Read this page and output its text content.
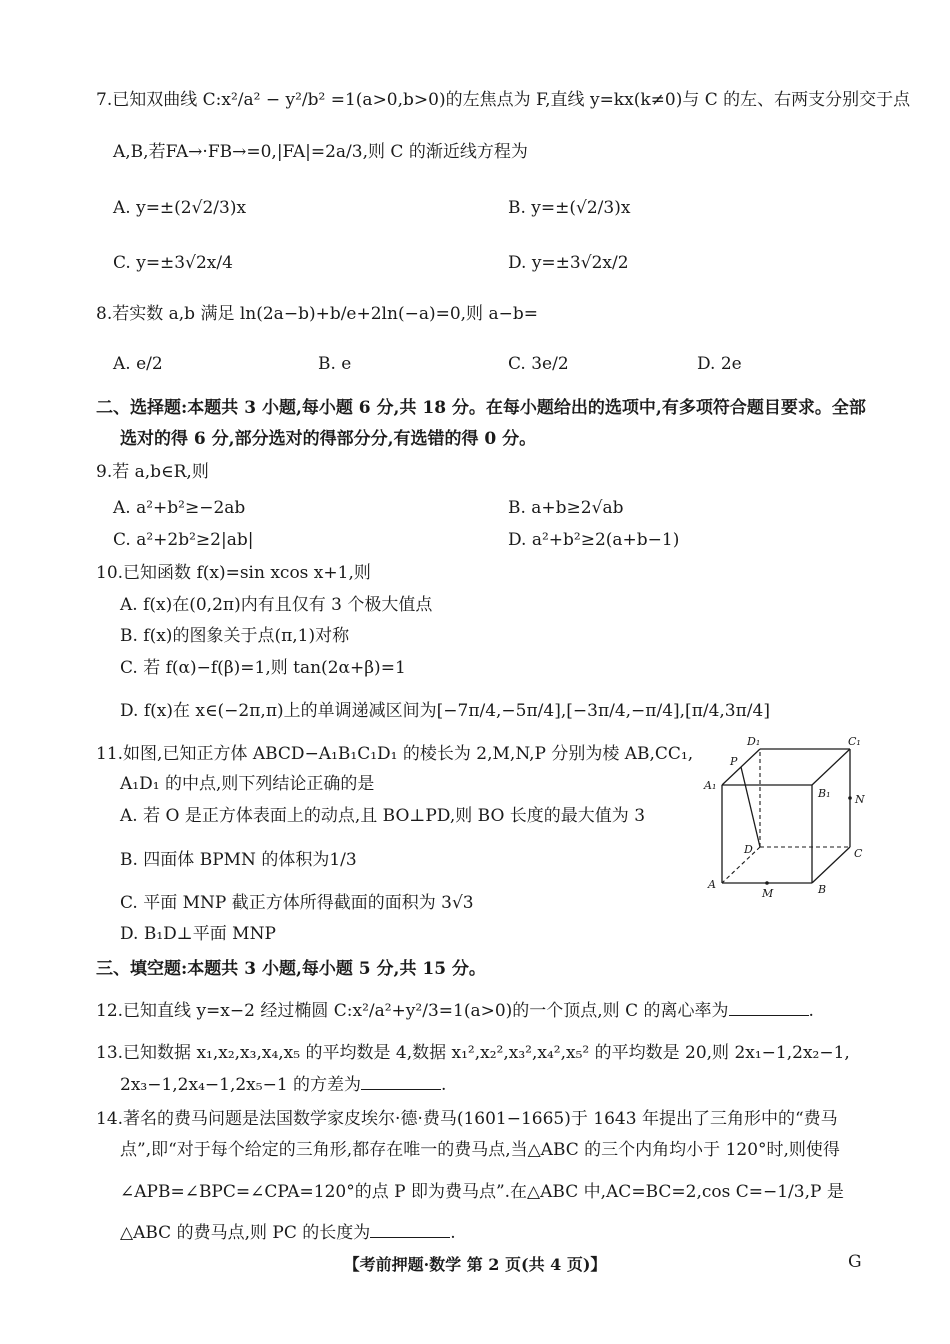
7.已知双曲线 C:x²/a² − y²/b² =1(a>0,b>0)的左焦点为 F,直线 y=kx(k≠0)与 C 的左、右两支分别交于点
A,B,若FA→·FB→=0,|FA|=2a/3,则 C 的渐近线方程为
A. y=±(2√2/3)x	B. y=±(√2/3)x
C. y=±3√2x/4	D. y=±3√2x/2
8.若实数 a,b 满足 ln(2a−b)+b/e+2ln(−a)=0,则 a−b=
A. e/2	B. e	C. 3e/2	D. 2e
二、选择题:本题共 3 小题,每小题 6 分,共 18 分。在每小题给出的选项中,有多项符合题目要求。全部
选对的得 6 分,部分选对的得部分分,有选错的得 0 分。
9.若 a,b∈R,则
A. a²+b²≥−2ab	B. a+b≥2√ab
C. a²+2b²≥2|ab|	D. a²+b²≥2(a+b−1)
10.已知函数 f(x)=sin xcos x+1,则
A. f(x)在(0,2π)内有且仅有 3 个极大值点
B. f(x)的图象关于点(π,1)对称
C. 若 f(α)−f(β)=1,则 tan(2α+β)=1
D. f(x)在 x∈(−2π,π)上的单调递减区间为[−7π/4,−5π/4],[−3π/4,−π/4],[π/4,3π/4]
11.如图,已知正方体 ABCD−A₁B₁C₁D₁ 的棱长为 2,M,N,P 分别为棱 AB,CC₁,
A₁D₁ 的中点,则下列结论正确的是
A. 若 O 是正方体表面上的动点,且 BO⊥PD,则 BO 长度的最大值为 3
B. 四面体 BPMN 的体积为1/3
C. 平面 MNP 截正方体所得截面的面积为 3√3
D. B₁D⊥平面 MNP
D₁	C₁
P
A₁
B₁ N
D	C
A
M	B
三、填空题:本题共 3 小题,每小题 5 分,共 15 分。
12.已知直线 y=x−2 经过椭圆 C:x²/a²+y²/3=1(a>0)的一个顶点,则 C 的离心率为	.
13.已知数据 x₁,x₂,x₃,x₄,x₅ 的平均数是 4,数据 x₁²,x₂²,x₃²,x₄²,x₅² 的平均数是 20,则 2x₁−1,2x₂−1,
2x₃−1,2x₄−1,2x₅−1 的方差为	.
14.著名的费马问题是法国数学家皮埃尔·德·费马(1601−1665)于 1643 年提出了三角形中的“费马
点”,即“对于每个给定的三角形,都存在唯一的费马点,当△ABC 的三个内角均小于 120°时,则使得
∠APB=∠BPC=∠CPA=120°的点 P 即为费马点”.在△ABC 中,AC=BC=2,cos C=−1/3,P 是
△ABC 的费马点,则 PC 的长度为	.
【考前押题·数学 第 2 页(共 4 页)】	G
